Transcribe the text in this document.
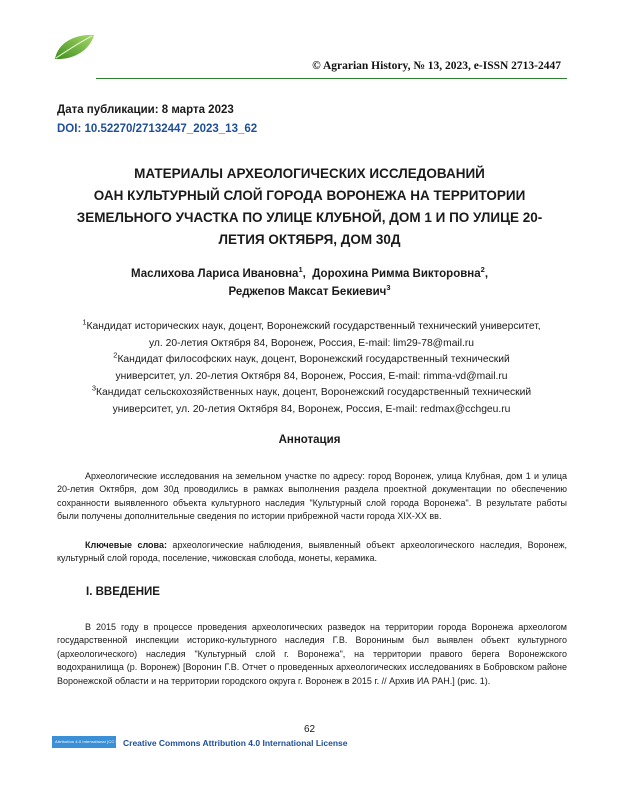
© Agrarian History, № 13, 2023, e-ISSN 2713-2447
Дата публикации: 8 марта 2023
DOI: 10.52270/27132447_2023_13_62
МАТЕРИАЛЫ АРХЕОЛОГИЧЕСКИХ ИССЛЕДОВАНИЙ
ОАН КУЛЬТУРНЫЙ СЛОЙ ГОРОДА ВОРОНЕЖА НА ТЕРРИТОРИИ
ЗЕМЕЛЬНОГО УЧАСТКА ПО УЛИЦЕ КЛУБНОЙ, ДОМ 1 И ПО УЛИЦЕ 20-
ЛЕТИЯ ОКТЯБРЯ, ДОМ 30Д
Маслихова Лариса Ивановна$^1$, Дорохина Римма Викторовна$^2$,
Реджепов Максат Бекиевич$^3$
$^1$Кандидат исторических наук, доцент, Воронежский государственный технический университет,
ул. 20-летия Октября 84, Воронеж, Россия, E-mail: lim29-78@mail.ru
$^2$Кандидат философских наук, доцент, Воронежский государственный технический
университет, ул. 20-летия Октября 84, Воронеж, Россия, E-mail: rimma-vd@mail.ru
$^3$Кандидат сельскохозяйственных наук, доцент, Воронежский государственный технический
университет, ул. 20-летия Октября 84, Воронеж, Россия, E-mail: redmax@cchgeu.ru
Аннотация
Археологические исследования на земельном участке по адресу: город Воронеж, улица Клубная, дом 1 и улица 20-летия Октября, дом 30д проводились в рамках выполнения раздела проектной документации по обеспечению сохранности выявленного объекта культурного наследия "Культурный слой города Воронежа". В результате работы были получены дополнительные сведения по истории прибрежной части города XIX-XX вв.
Ключевые слова: археологические наблюдения, выявленный объект археологического наследия, Воронеж, культурный слой города, поселение, чижовская слобода, монеты, керамика.
I. ВВЕДЕНИЕ
В 2015 году в процессе проведения археологических разведок на территории города Воронежа археологом государственной инспекции историко-культурного наследия Г.В. Ворониным был выявлен объект культурного (археологического) наследия "Культурный слой г. Воронежа", на территории правого берега Воронежского водохранилища (р. Воронеж) [Воронин Г.В. Отчет о проведенных археологических исследованиях в Бобровском районе Воронежской области и на территории городского округа г. Воронеж в 2015 г. // Архив ИА РАН.] (рис. 1).
62
Attribution 4.0 International (CC BY 4.0)
Creative Commons Attribution 4.0 International License
